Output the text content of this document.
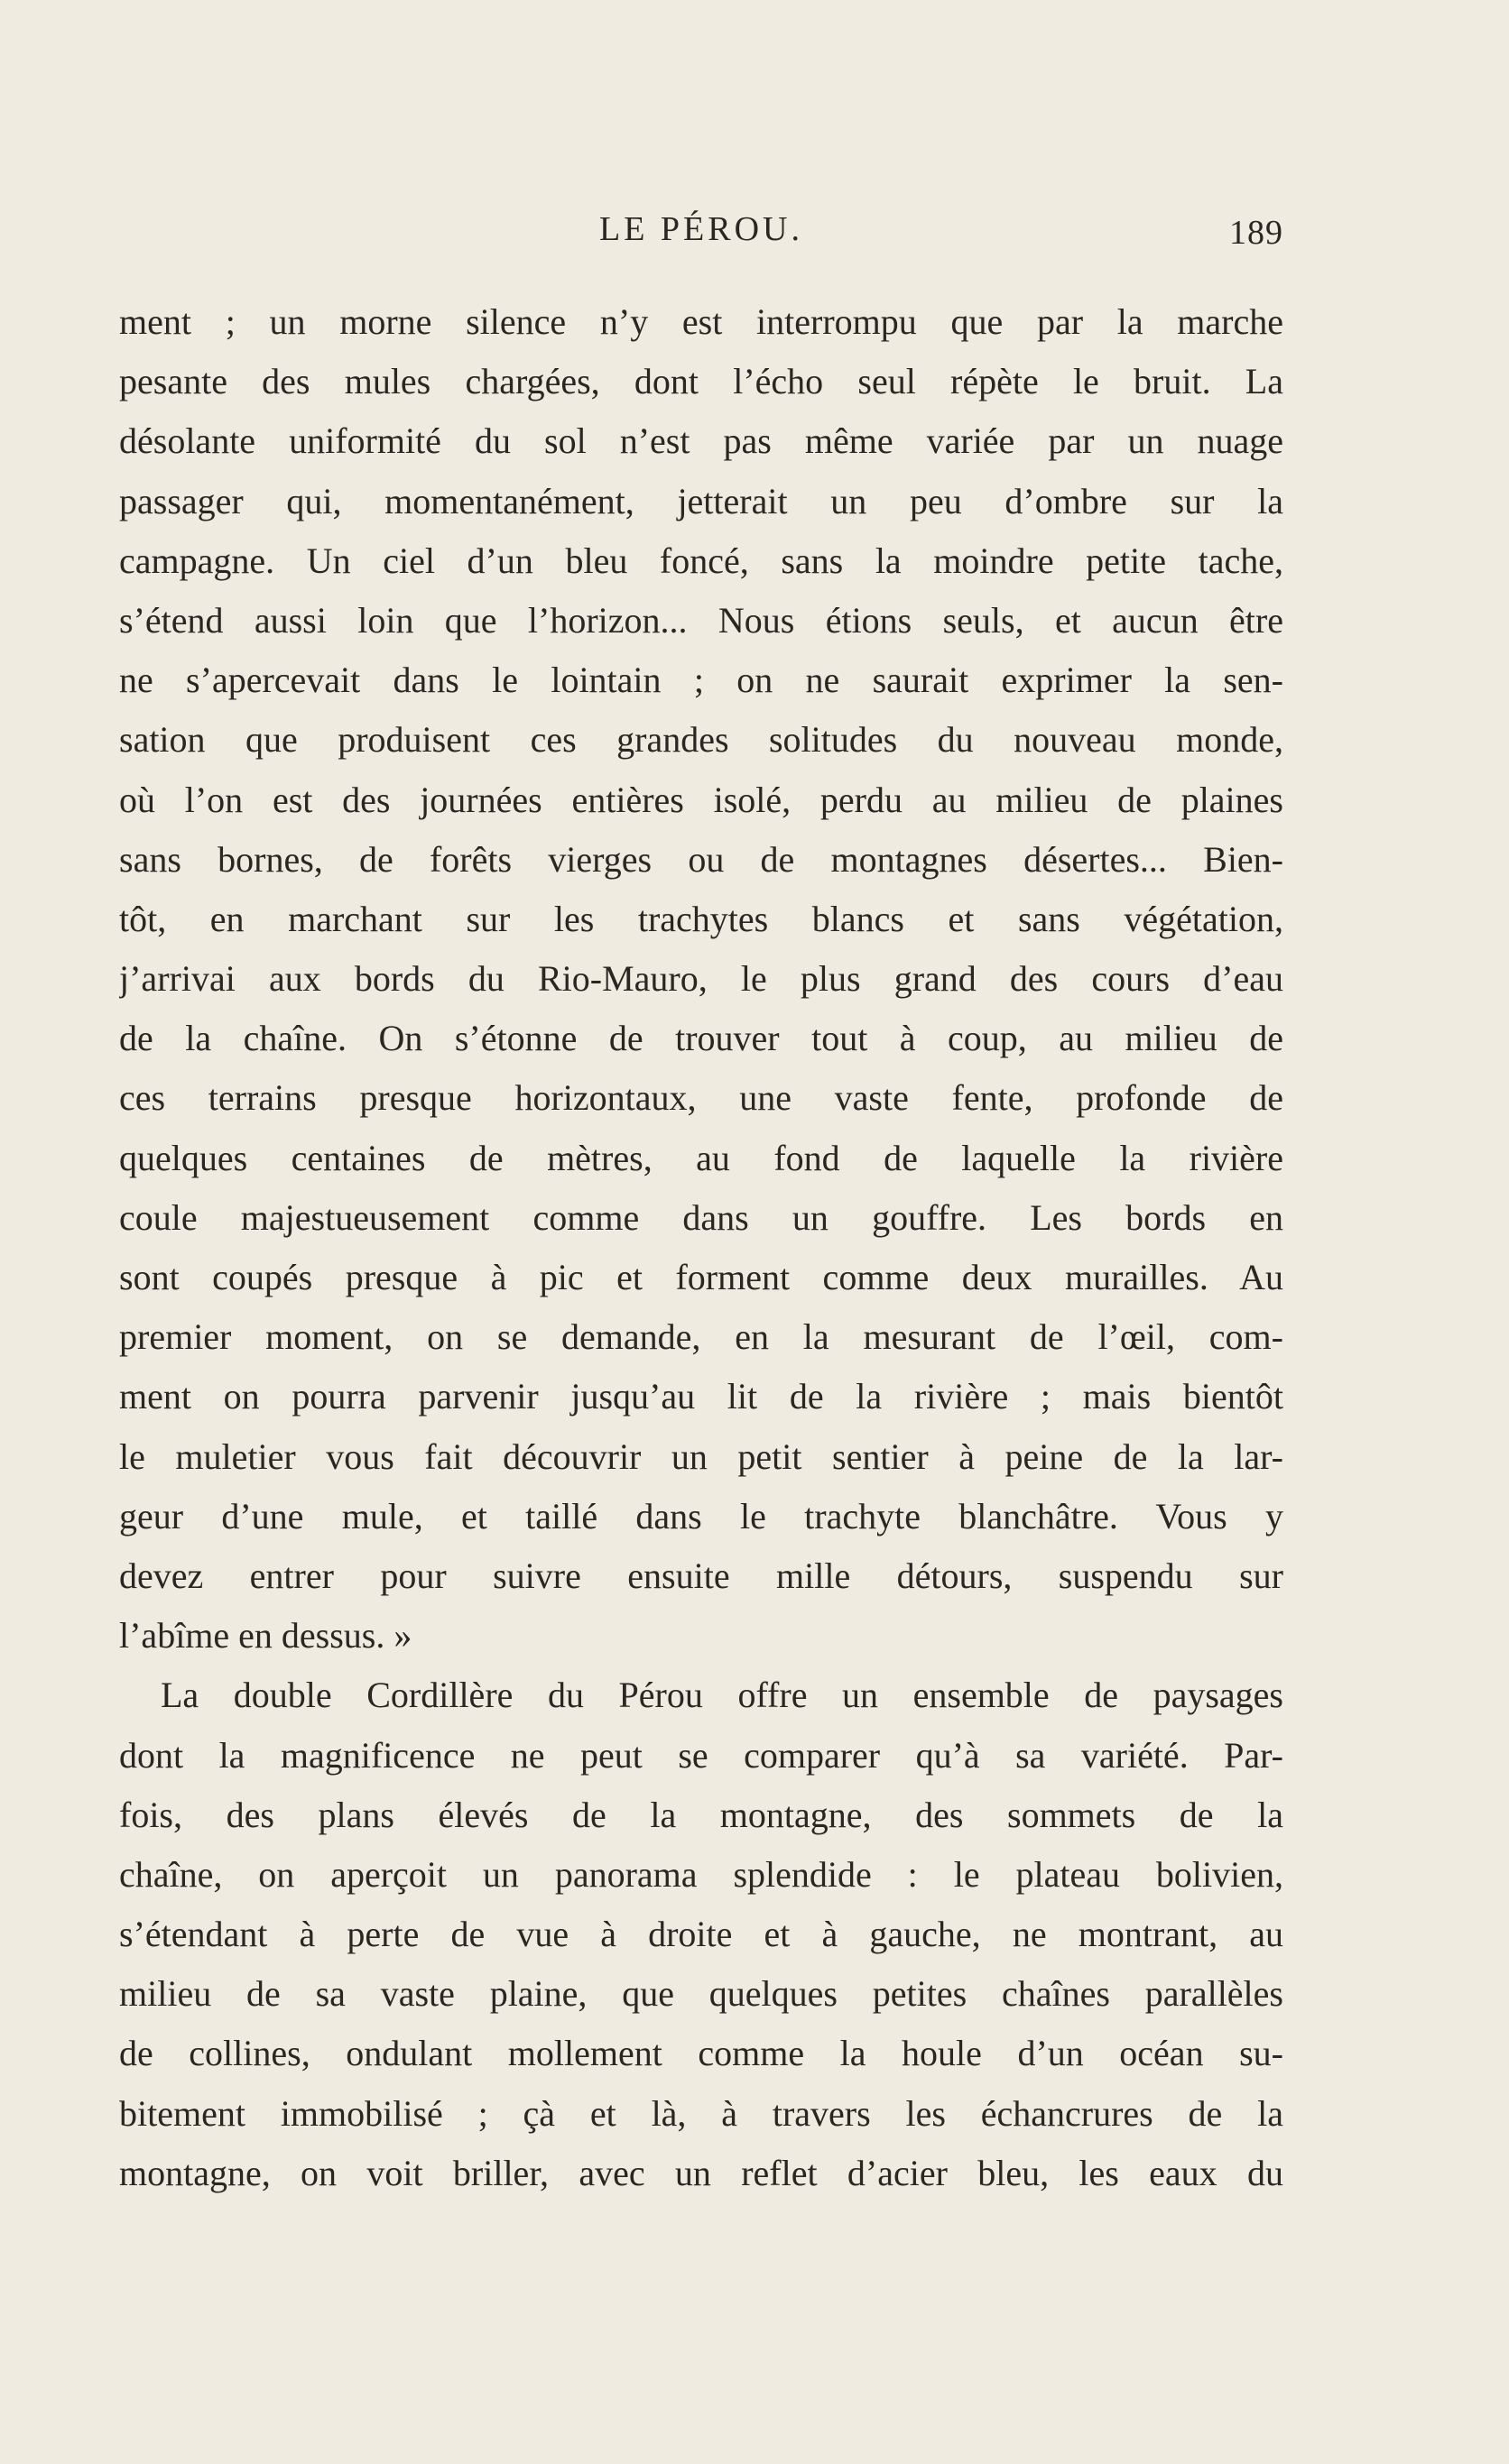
LE PÉROU.	189
ment ; un morne silence n’y est interrompu que par la marche
pesante des mules chargées, dont l’écho seul répète le bruit. La
désolante uniformité du sol n’est pas même variée par un nuage
passager qui, momentanément, jetterait un peu d’ombre sur la
campagne. Un ciel d’un bleu foncé, sans la moindre petite tache,
s’étend aussi loin que l’horizon... Nous étions seuls, et aucun être
ne s’apercevait dans le lointain ; on ne saurait exprimer la sen-
sation que produisent ces grandes solitudes du nouveau monde,
où l’on est des journées entières isolé, perdu au milieu de plaines
sans bornes, de forêts vierges ou de montagnes désertes... Bien-
tôt, en marchant sur les trachytes blancs et sans végétation,
j’arrivai aux bords du Rio-Mauro, le plus grand des cours d’eau
de la chaîne. On s’étonne de trouver tout à coup, au milieu de
ces terrains presque horizontaux, une vaste fente, profonde de
quelques centaines de mètres, au fond de laquelle la rivière
coule majestueusement comme dans un gouffre. Les bords en
sont coupés presque à pic et forment comme deux murailles. Au
premier moment, on se demande, en la mesurant de l’œil, com-
ment on pourra parvenir jusqu’au lit de la rivière ; mais bientôt
le muletier vous fait découvrir un petit sentier à peine de la lar-
geur d’une mule, et taillé dans le trachyte blanchâtre. Vous y
devez entrer pour suivre ensuite mille détours, suspendu sur
l’abîme en dessus. »
La double Cordillère du Pérou offre un ensemble de paysages
dont la magnificence ne peut se comparer qu’à sa variété. Par-
fois, des plans élevés de la montagne, des sommets de la
chaîne, on aperçoit un panorama splendide : le plateau bolivien,
s’étendant à perte de vue à droite et à gauche, ne montrant, au
milieu de sa vaste plaine, que quelques petites chaînes parallèles
de collines, ondulant mollement comme la houle d’un océan su-
bitement immobilisé ; çà et là, à travers les échancrures de la
montagne, on voit briller, avec un reflet d’acier bleu, les eaux du
